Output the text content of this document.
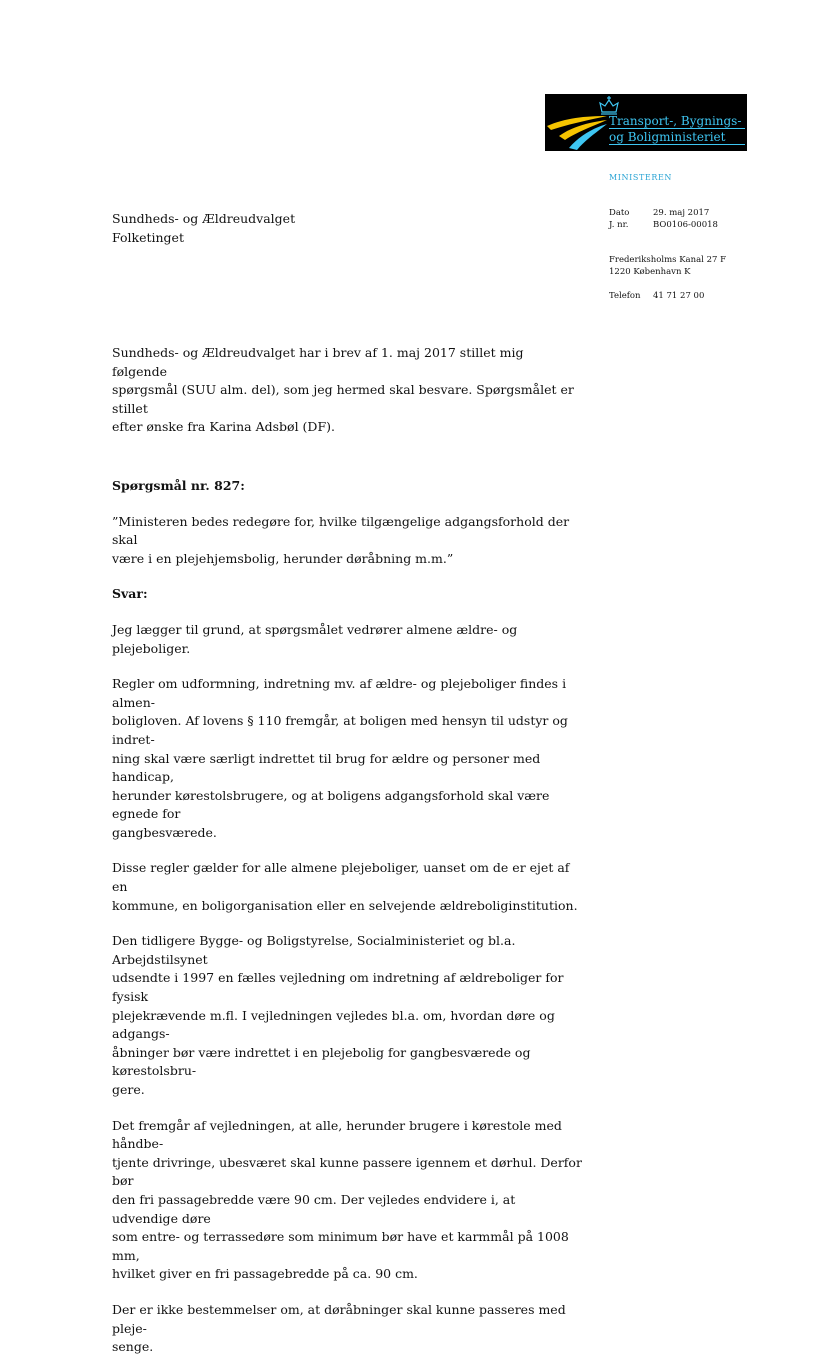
Transport-, Bygnings-
og Boligministeriet
MINISTEREN
Dato	29. maj 2017
J. nr.	BO0106-00018
Frederiksholms Kanal 27 F
1220 København K
Telefon 41 71 27 00
Sundheds- og Ældreudvalget
Folketinget

Sundheds- og Ældreudvalget har i brev af 1. maj 2017 stillet mig følgende
spørgsmål (SUU alm. del), som jeg hermed skal besvare. Spørgsmålet er stillet
efter ønske fra Karina Adsbøl (DF).

Spørgsmål nr. 827:

”Ministeren bedes redegøre for, hvilke tilgængelige adgangsforhold der skal
være i en plejehjemsbolig, herunder døråbning m.m.”

Svar:

Jeg lægger til grund, at spørgsmålet vedrører almene ældre- og plejeboliger.

Regler om udformning, indretning mv. af ældre- og plejeboliger findes i almen-
boligloven. Af lovens § 110 fremgår, at boligen med hensyn til udstyr og indret-
ning skal være særligt indrettet til brug for ældre og personer med handicap,
herunder kørestolsbrugere, og at boligens adgangsforhold skal være egnede for
gangbesværede.

Disse regler gælder for alle almene plejeboliger, uanset om de er ejet af en
kommune, en boligorganisation eller en selvejende ældreboliginstitution.

Den tidligere Bygge- og Boligstyrelse, Socialministeriet og bl.a. Arbejdstilsynet
udsendte i 1997 en fælles vejledning om indretning af ældreboliger for fysisk
plejekrævende m.fl. I vejledningen vejledes bl.a. om, hvordan døre og adgangs-
åbninger bør være indrettet i en plejebolig for gangbesværede og kørestolsbru-
gere.

Det fremgår af vejledningen, at alle, herunder brugere i kørestole med håndbe-
tjente drivringe, ubesværet skal kunne passere igennem et dørhul. Derfor bør
den fri passagebredde være 90 cm. Der vejledes endvidere i, at udvendige døre
som entre- og terrassedøre som minimum bør have et karmmål på 1008 mm,
hvilket giver en fri passagebredde på ca. 90 cm.

Der er ikke bestemmelser om, at døråbninger skal kunne passeres med pleje-
senge.
